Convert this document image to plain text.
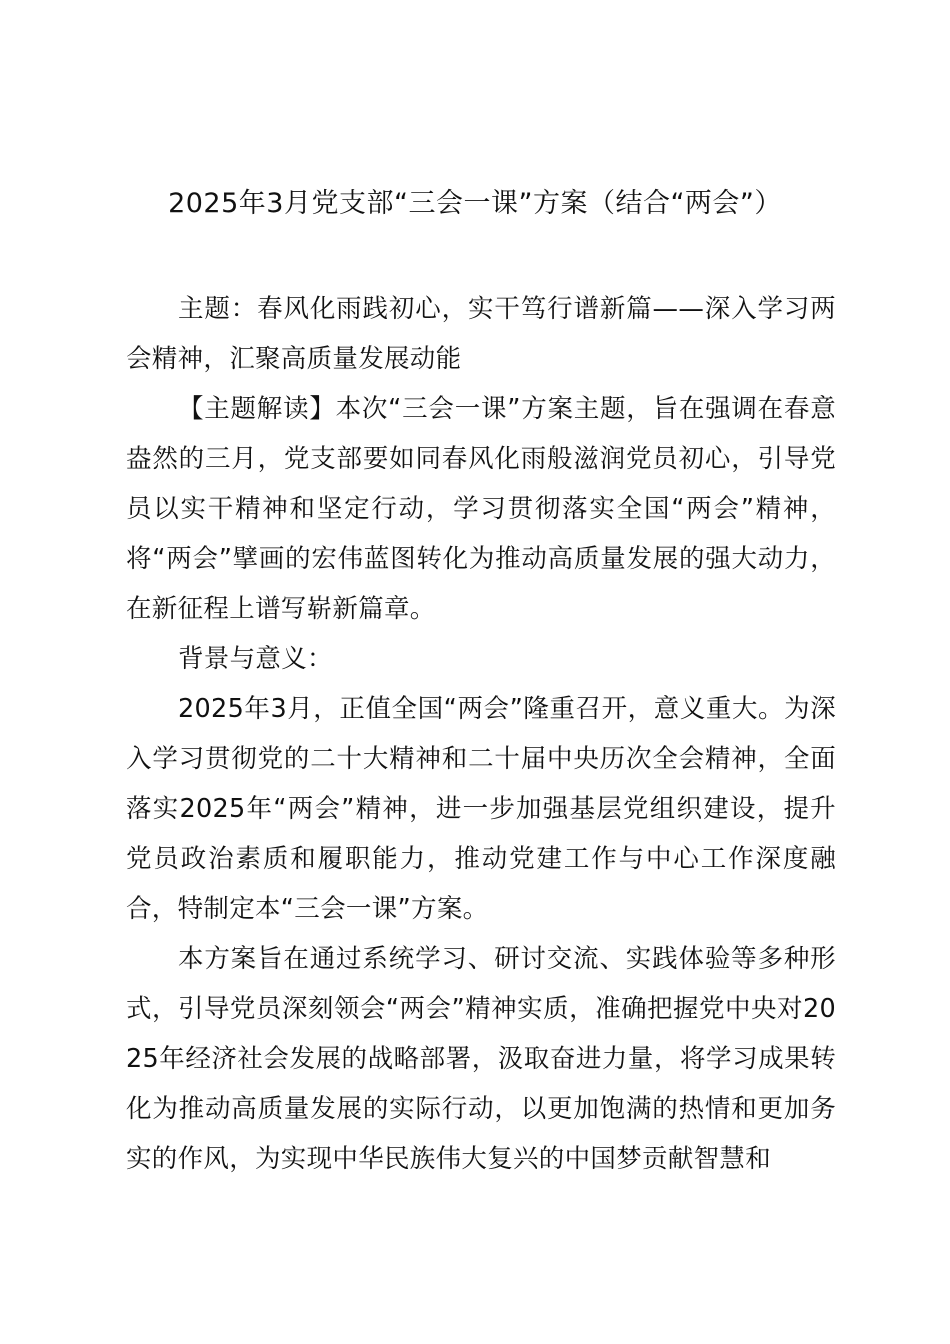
2025年3月党支部“三会一课”方案（结合“两会”）

主题：春风化雨践初心，实干笃行谱新篇——深入学习两会精神，汇聚高质量发展动能

【主题解读】本次“三会一课”方案主题，旨在强调在春意盎然的三月，党支部要如同春风化雨般滋润党员初心，引导党员以实干精神和坚定行动，学习贯彻落实全国“两会”精神，将“两会”擘画的宏伟蓝图转化为推动高质量发展的强大动力，在新征程上谱写崭新篇章。

背景与意义：

2025年3月，正值全国“两会”隆重召开，意义重大。为深入学习贯彻党的二十大精神和二十届中央历次全会精神，全面落实2025年“两会”精神，进一步加强基层党组织建设，提升党员政治素质和履职能力，推动党建工作与中心工作深度融合，特制定本“三会一课”方案。

本方案旨在通过系统学习、研讨交流、实践体验等多种形式，引导党员深刻领会“两会”精神实质，准确把握党中央对2025年经济社会发展的战略部署，汲取奋进力量，将学习成果转化为推动高质量发展的实际行动，以更加饱满的热情和更加务实的作风，为实现中华民族伟大复兴的中国梦贡献智慧和
